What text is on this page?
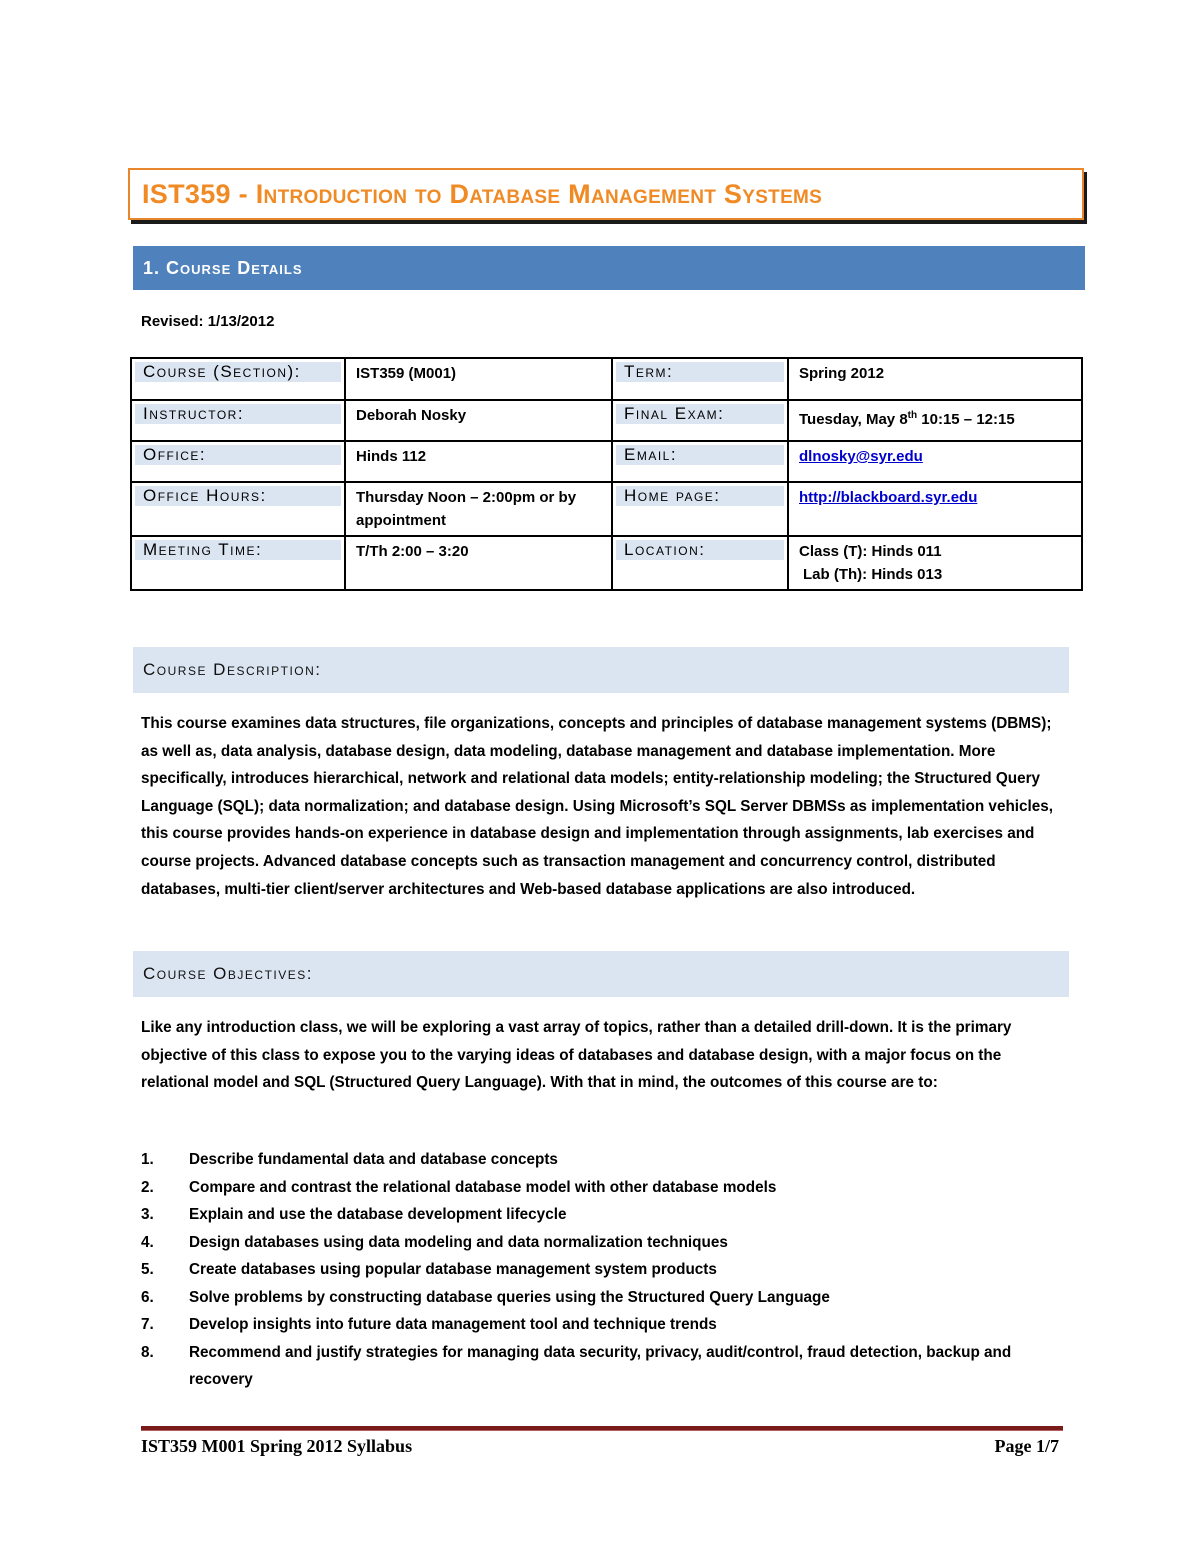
IST359 - Introduction to Database Management Systems
1. Course Details
Revised: 1/13/2012
Course (Section):	IST359 (M001)	Term:	Spring 2012

Instructor:	Deborah Nosky	Final Exam:	Tuesday, May 8th 10:15 – 12:15

Office:	Hinds 112	Email:	dlnosky@syr.edu

Office Hours:	Thursday Noon – 2:00pm or by appointment	Home page:	http://blackboard.syr.edu

Meeting Time:	T/Th 2:00 – 3:20	Location:	Class (T): Hinds 011
Lab (Th): Hinds 013
Course Description:

This course examines data structures, file organizations, concepts and principles of database management systems (DBMS); as well as, data analysis, database design, data modeling, database management and database implementation. More specifically, introduces hierarchical, network and relational data models; entity-relationship modeling; the Structured Query Language (SQL); data normalization; and database design. Using Microsoft’s SQL Server DBMSs as implementation vehicles, this course provides hands-on experience in database design and implementation through assignments, lab exercises and course projects. Advanced database concepts such as transaction management and concurrency control, distributed databases, multi-tier client/server architectures and Web-based database applications are also introduced.

Course Objectives:

Like any introduction class, we will be exploring a vast array of topics, rather than a detailed drill-down. It is the primary objective of this class to expose you to the varying ideas of databases and database design, with a major focus on the relational model and SQL (Structured Query Language). With that in mind, the outcomes of this course are to:

1.	Describe fundamental data and database concepts
2.	Compare and contrast the relational database model with other database models
3.	Explain and use the database development lifecycle
4.	Design databases using data modeling and data normalization techniques
5.	Create databases using popular database management system products
6.	Solve problems by constructing database queries using the Structured Query Language
7.	Develop insights into future data management tool and technique trends
8.	Recommend and justify strategies for managing data security, privacy, audit/control, fraud detection, backup and recovery
IST359 M001 Spring 2012 Syllabus	Page 1/7
